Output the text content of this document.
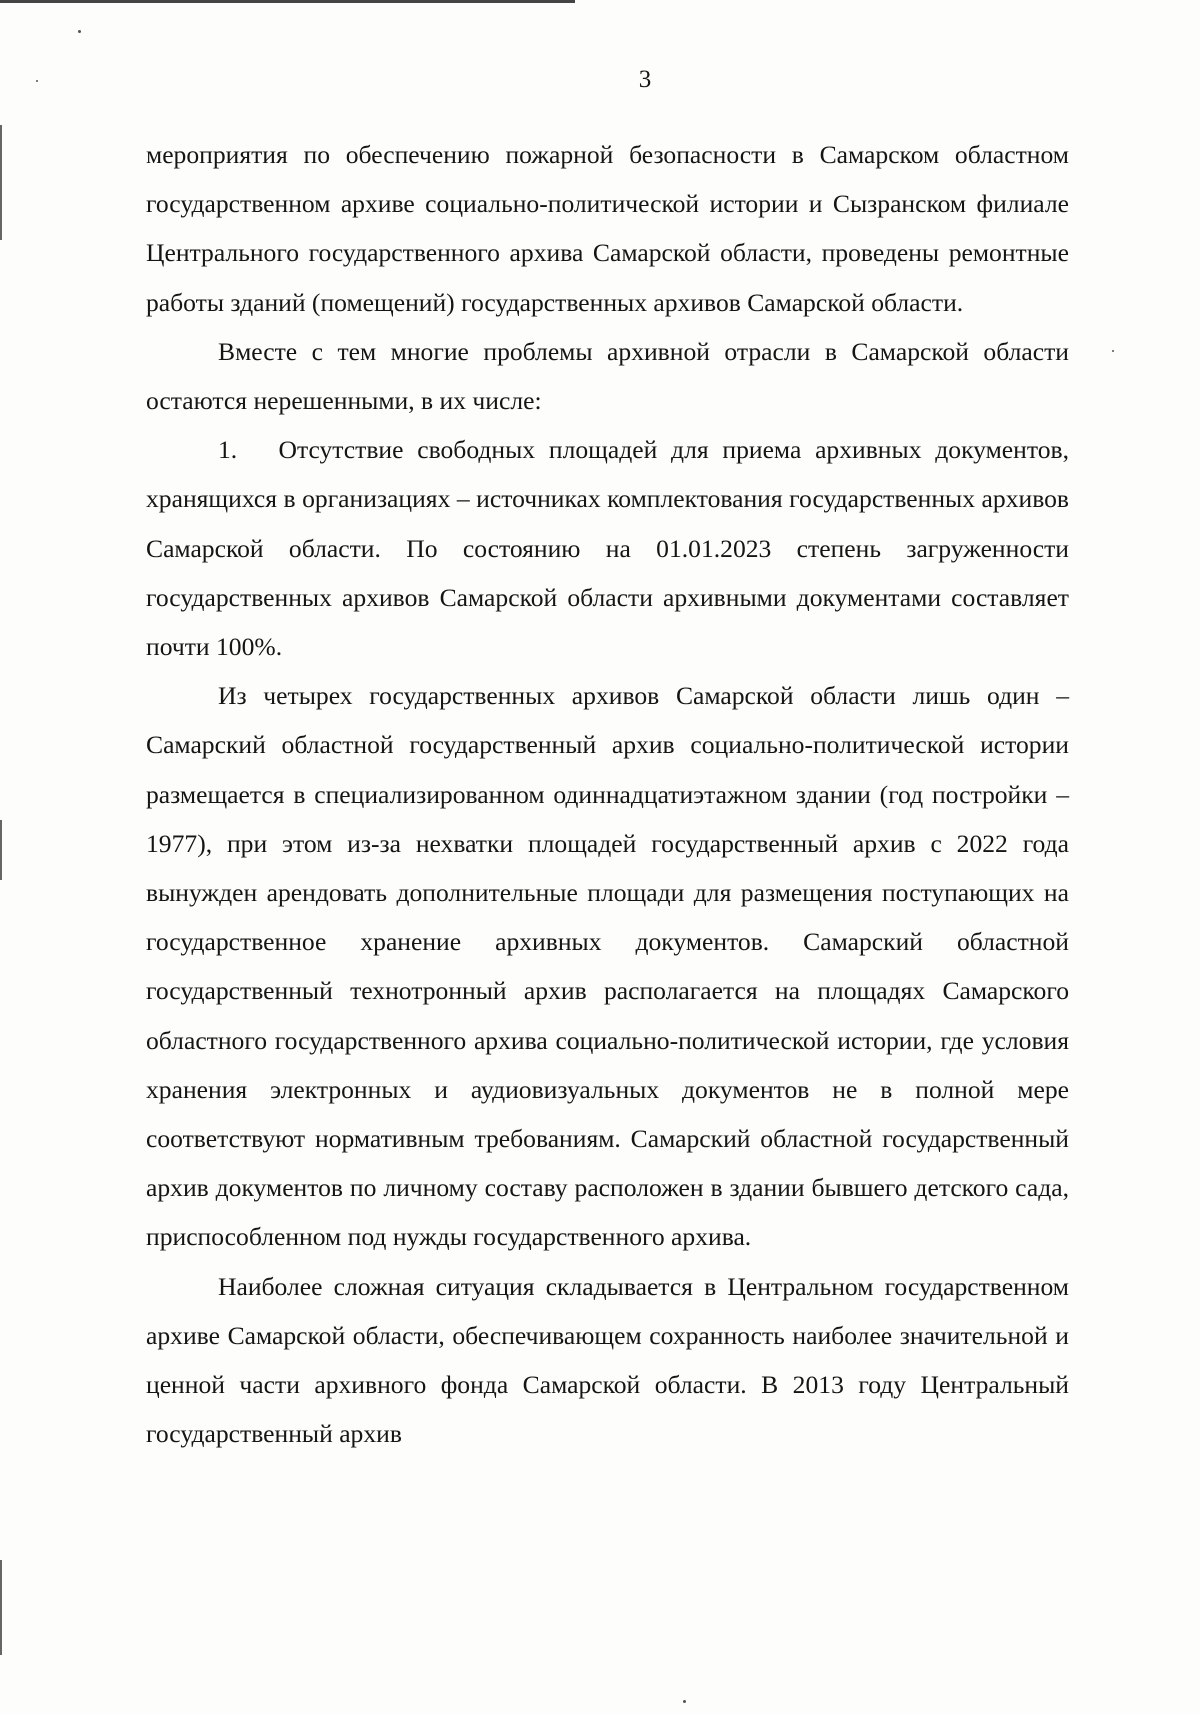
3

мероприятия по обеспечению пожарной безопасности в Самарском областном государственном архиве социально-политической истории и Сызранском филиале Центрального государственного архива Самарской области, проведены ремонтные работы зданий (помещений) государственных архивов Самарской области.

Вместе с тем многие проблемы архивной отрасли в Самарской области остаются нерешенными, в их числе:

1.   Отсутствие свободных площадей для приема архивных документов, хранящихся в организациях – источниках комплектования государственных архивов Самарской области. По состоянию на 01.01.2023 степень загруженности государственных архивов Самарской области архивными документами составляет почти 100%.

Из четырех государственных архивов Самарской области лишь один – Самарский областной государственный архив социально-политической истории размещается в специализированном одиннадцатиэтажном здании (год постройки – 1977), при этом из-за нехватки площадей государственный архив с 2022 года вынужден арендовать дополнительные площади для размещения поступающих на государственное хранение архивных документов. Самарский областной государственный технотронный архив располагается на площадях Самарского областного государственного архива социально-политической истории, где условия хранения электронных и аудиовизуальных документов не в полной мере соответствуют нормативным требованиям. Самарский областной государственный архив документов по личному составу расположен в здании бывшего детского сада, приспособленном под нужды государственного архива.

Наиболее сложная ситуация складывается в Центральном государственном архиве Самарской области, обеспечивающем сохранность наиболее значительной и ценной части архивного фонда Самарской области. В 2013 году Центральный государственный архив
